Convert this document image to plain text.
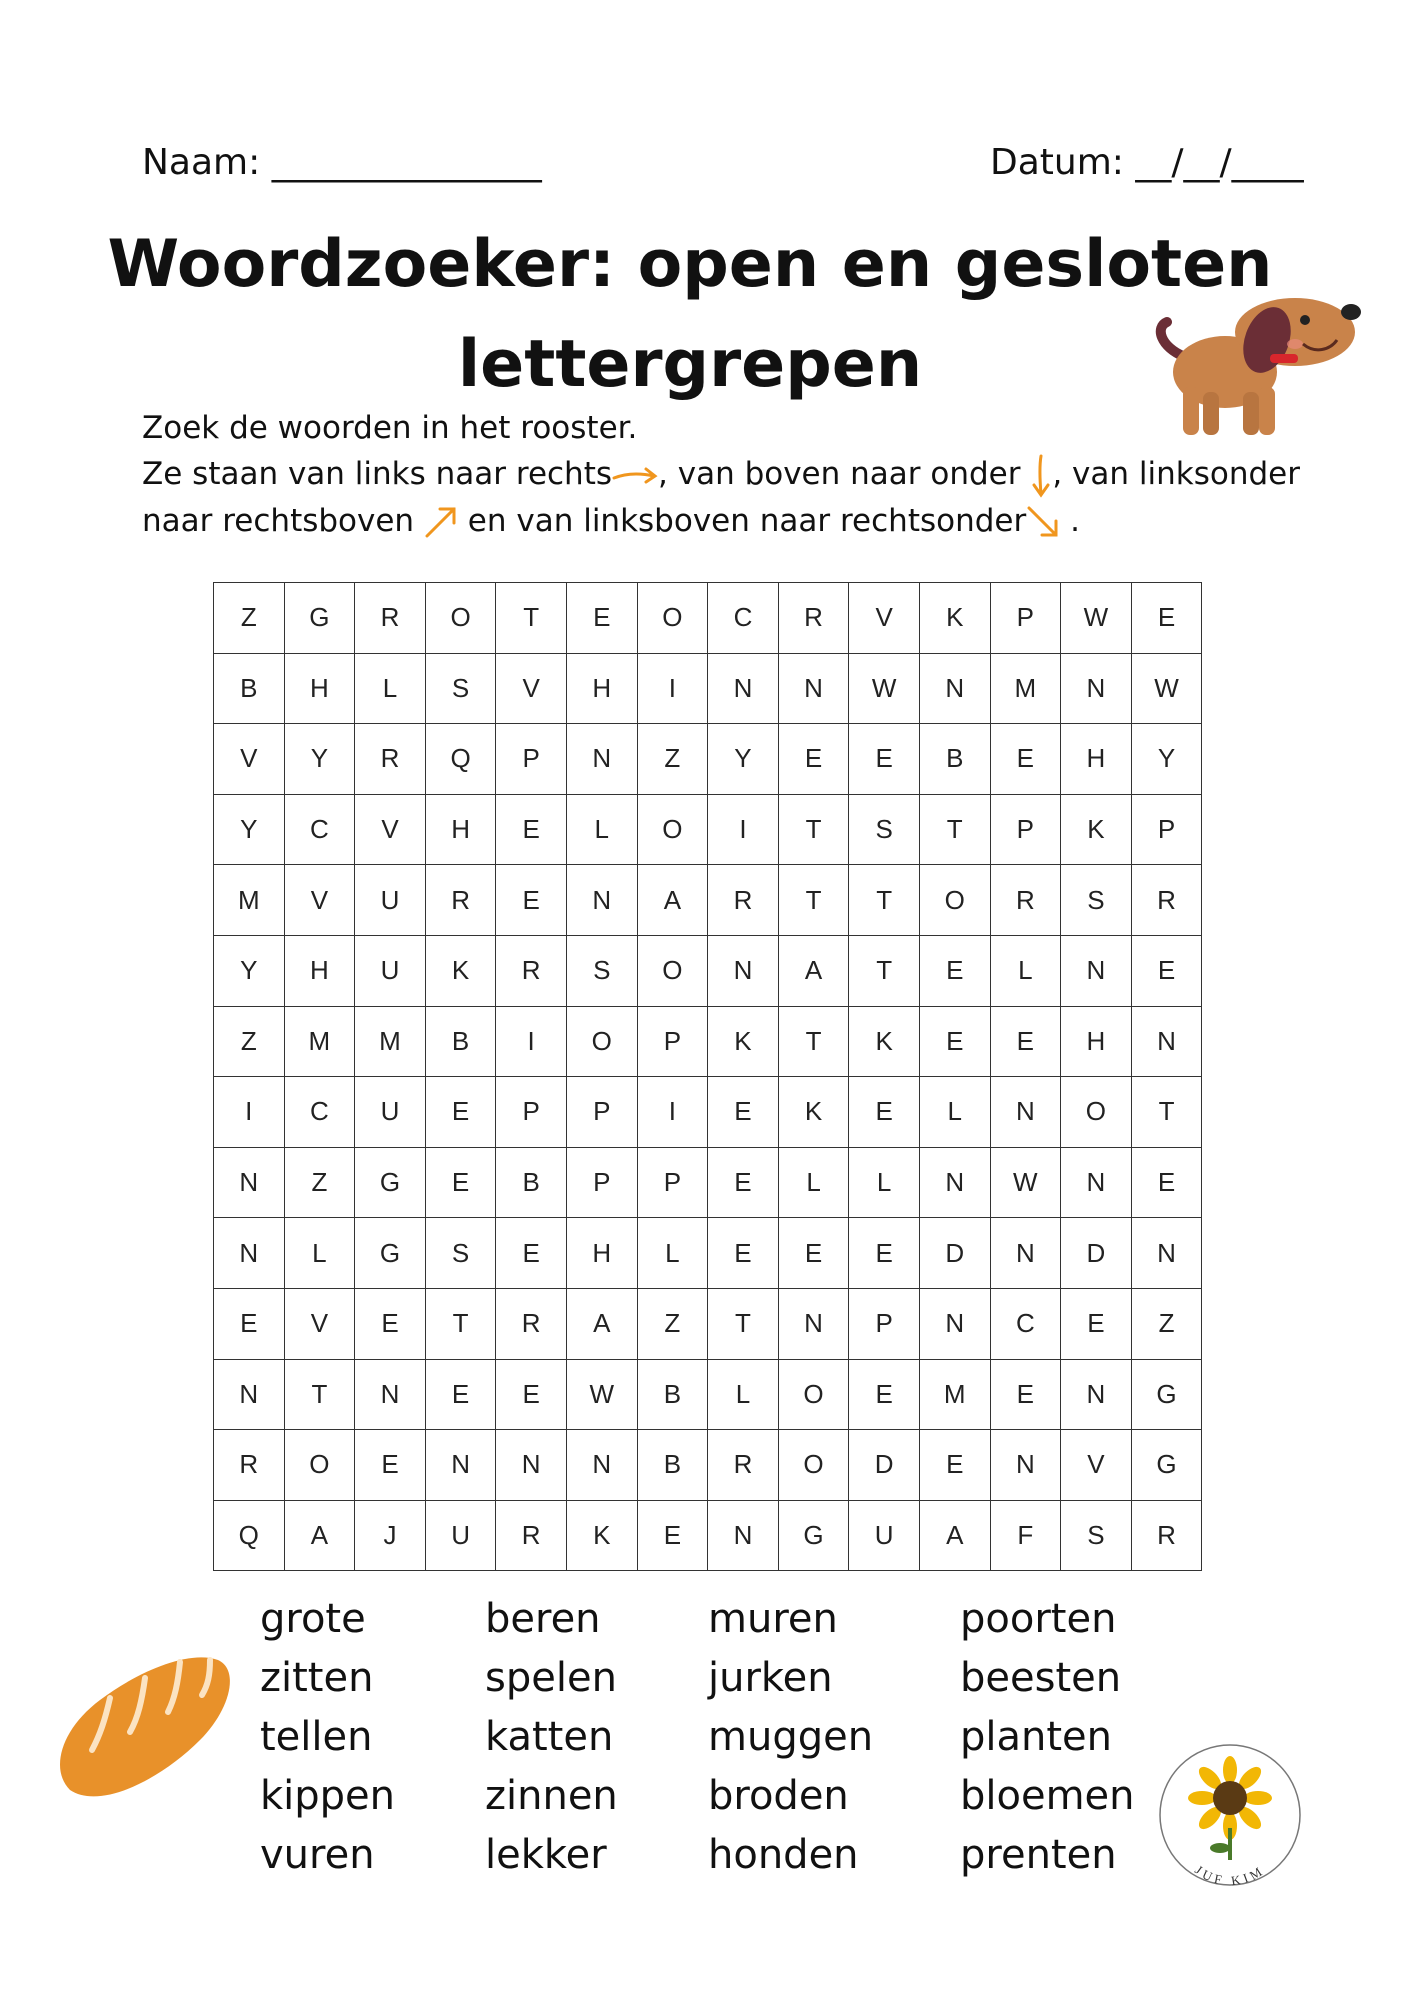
Naam: _______________	Datum: __/__/____
Woordzoeker: open en gesloten lettergrepen
Zoek de woorden in het rooster.
Ze staan van links naar rechts , van boven naar onder , van linksonder naar rechtsboven  en van linksboven naar rechtsonder .
Z	G	R	O	T	E	O	C	R	V	K	P	W	E
B	H	L	S	V	H	I	N	N	W	N	M	N	W
V	Y	R	Q	P	N	Z	Y	E	E	B	E	H	Y
Y	C	V	H	E	L	O	I	T	S	T	P	K	P
M	V	U	R	E	N	A	R	T	T	O	R	S	R
Y	H	U	K	R	S	O	N	A	T	E	L	N	E
Z	M	M	B	I	O	P	K	T	K	E	E	H	N
I	C	U	E	P	P	I	E	K	E	L	N	O	T
N	Z	G	E	B	P	P	E	L	L	N	W	N	E
N	L	G	S	E	H	L	E	E	E	D	N	D	N
E	V	E	T	R	A	Z	T	N	P	N	C	E	Z
N	T	N	E	E	W	B	L	O	E	M	E	N	G
R	O	E	N	N	N	B	R	O	D	E	N	V	G
Q	A	J	U	R	K	E	N	G	U	A	F	S	R
grote
zitten
tellen
kippen
vuren
beren
spelen
katten
zinnen
lekker
muren
jurken
muggen
broden
honden
poorten
beesten
planten
bloemen
prenten	JUF KIM
